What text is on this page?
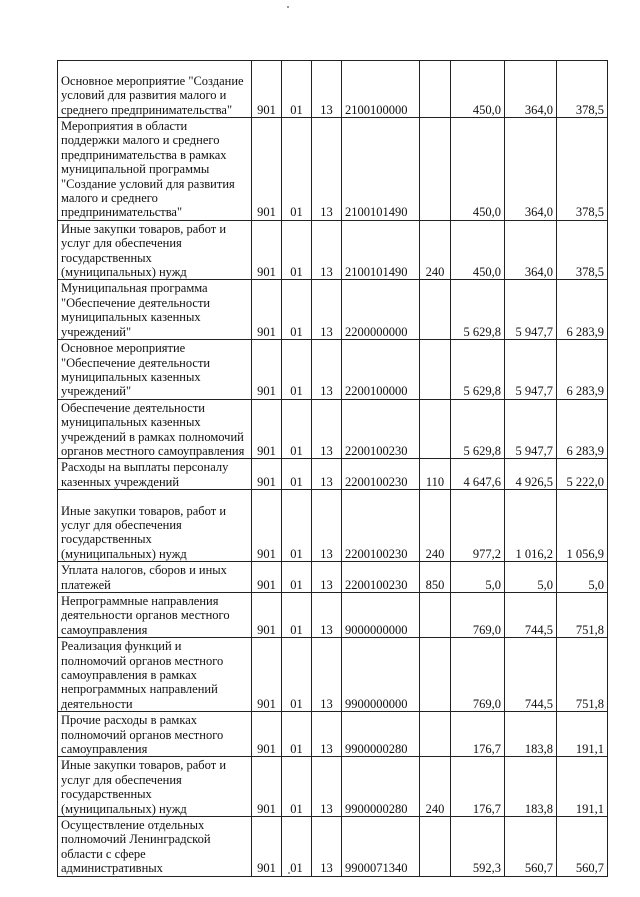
Основное мероприятие "Создание условий для развития малого и среднего предпринимательства"	901	01	13	2100100000		450,0	364,0	378,5
Мероприятия в области поддержки малого и среднего предпринимательства в рамках муниципальной программы "Создание условий для развития малого и среднего предпринимательства"	901	01	13	2100101490		450,0	364,0	378,5
Иные закупки товаров, работ и услуг для обеспечения государственных (муниципальных) нужд	901	01	13	2100101490	240	450,0	364,0	378,5
Муниципальная программа "Обеспечение деятельности муниципальных казенных учреждений"	901	01	13	2200000000		5 629,8	5 947,7	6 283,9
Основное мероприятие "Обеспечение деятельности муниципальных казенных учреждений"	901	01	13	2200100000		5 629,8	5 947,7	6 283,9
Обеспечение деятельности муниципальных казенных учреждений в рамках полномочий органов местного самоуправления	901	01	13	2200100230		5 629,8	5 947,7	6 283,9
Расходы на выплаты персоналу казенных учреждений	901	01	13	2200100230	110	4 647,6	4 926,5	5 222,0
Иные закупки товаров, работ и услуг для обеспечения государственных (муниципальных) нужд	901	01	13	2200100230	240	977,2	1 016,2	1 056,9
Уплата налогов, сборов и иных платежей	901	01	13	2200100230	850	5,0	5,0	5,0
Непрограммные направления деятельности органов местного самоуправления	901	01	13	9000000000		769,0	744,5	751,8
Реализация функций и полномочий органов местного самоуправления в рамках непрограммных направлений деятельности	901	01	13	9900000000		769,0	744,5	751,8
Прочие расходы в рамках полномочий органов местного самоуправления	901	01	13	9900000280		176,7	183,8	191,1
Иные закупки товаров, работ и услуг для обеспечения государственных (муниципальных) нужд	901	01	13	9900000280	240	176,7	183,8	191,1
Осуществление отдельных полномочий Ленинградской области с сфере административных	901	01	13	9900071340		592,3	560,7	560,7
